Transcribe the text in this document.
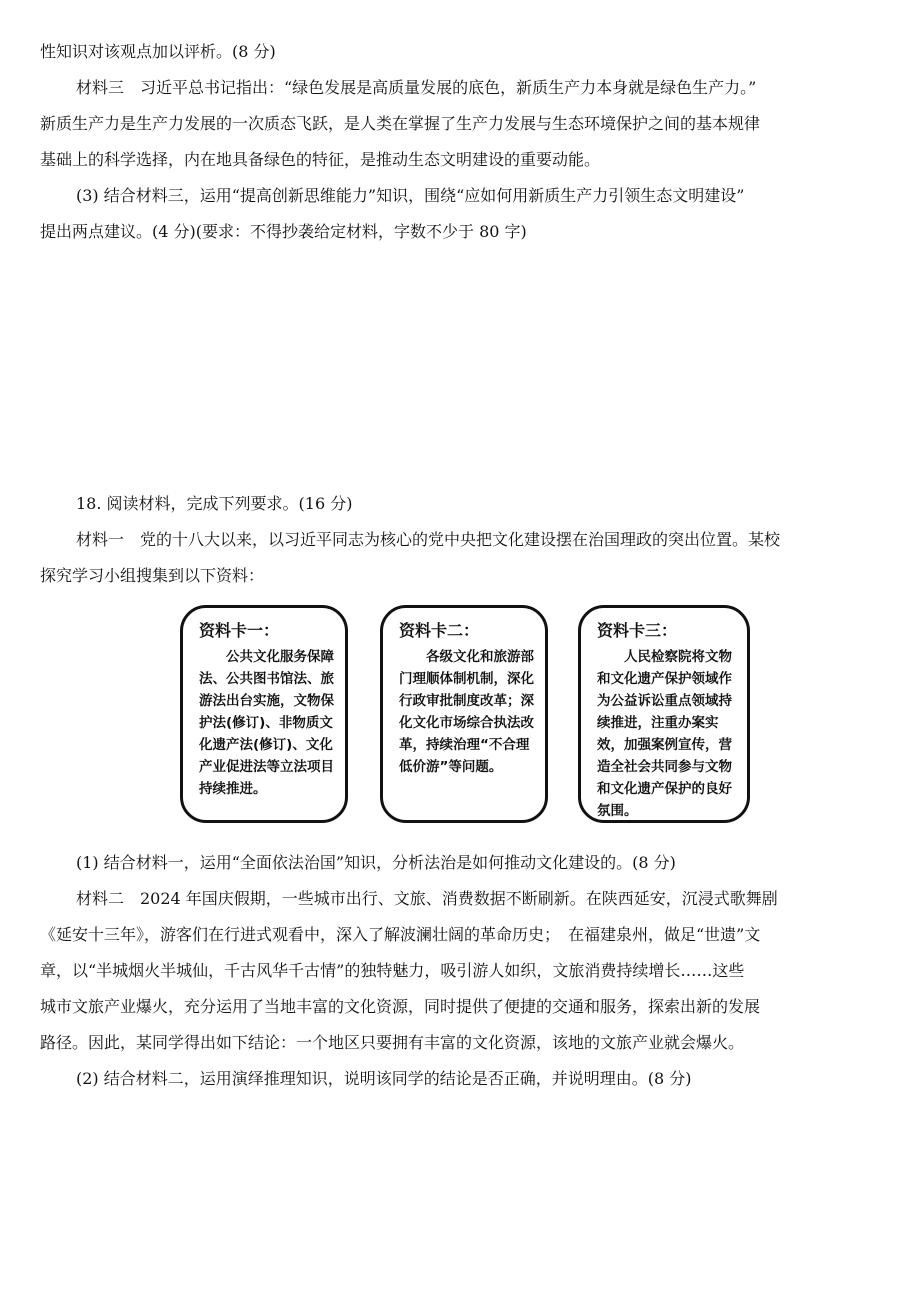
性知识对该观点加以评析。(8 分)
材料三　习近平总书记指出：“绿色发展是高质量发展的底色，新质生产力本身就是绿色生产力。”
新质生产力是生产力发展的一次质态飞跃，是人类在掌握了生产力发展与生态环境保护之间的基本规律
基础上的科学选择，内在地具备绿色的特征，是推动生态文明建设的重要动能。
(3) 结合材料三，运用“提高创新思维能力”知识，围绕“应如何用新质生产力引领生态文明建设”
提出两点建议。(4 分)(要求：不得抄袭给定材料，字数不少于 80 字)
18. 阅读材料，完成下列要求。(16 分)
材料一　党的十八大以来，以习近平同志为核心的党中央把文化建设摆在治国理政的突出位置。某校
探究学习小组搜集到以下资料：
资料卡一：
公共文化服务保障法、公共图书馆法、旅游法出台实施，文物保护法(修订)、非物质文化遗产法(修订)、文化产业促进法等立法项目持续推进。
资料卡二：
各级文化和旅游部门理顺体制机制，深化行政审批制度改革；深化文化市场综合执法改革，持续治理“不合理低价游”等问题。
资料卡三：
人民检察院将文物和文化遗产保护领域作为公益诉讼重点领域持续推进，注重办案实效，加强案例宣传，营造全社会共同参与文物和文化遗产保护的良好氛围。
(1) 结合材料一，运用“全面依法治国”知识，分析法治是如何推动文化建设的。(8 分)
材料二　2024 年国庆假期，一些城市出行、文旅、消费数据不断刷新。在陕西延安，沉浸式歌舞剧
《延安十三年》，游客们在行进式观看中，深入了解波澜壮阔的革命历史；　在福建泉州，做足“世遗”文
章，以“半城烟火半城仙，千古风华千古情”的独特魅力，吸引游人如织，文旅消费持续增长……这些
城市文旅产业爆火，充分运用了当地丰富的文化资源，同时提供了便捷的交通和服务，探索出新的发展
路径。因此，某同学得出如下结论：一个地区只要拥有丰富的文化资源，该地的文旅产业就会爆火。
(2) 结合材料二，运用演绎推理知识，说明该同学的结论是否正确，并说明理由。(8 分)
